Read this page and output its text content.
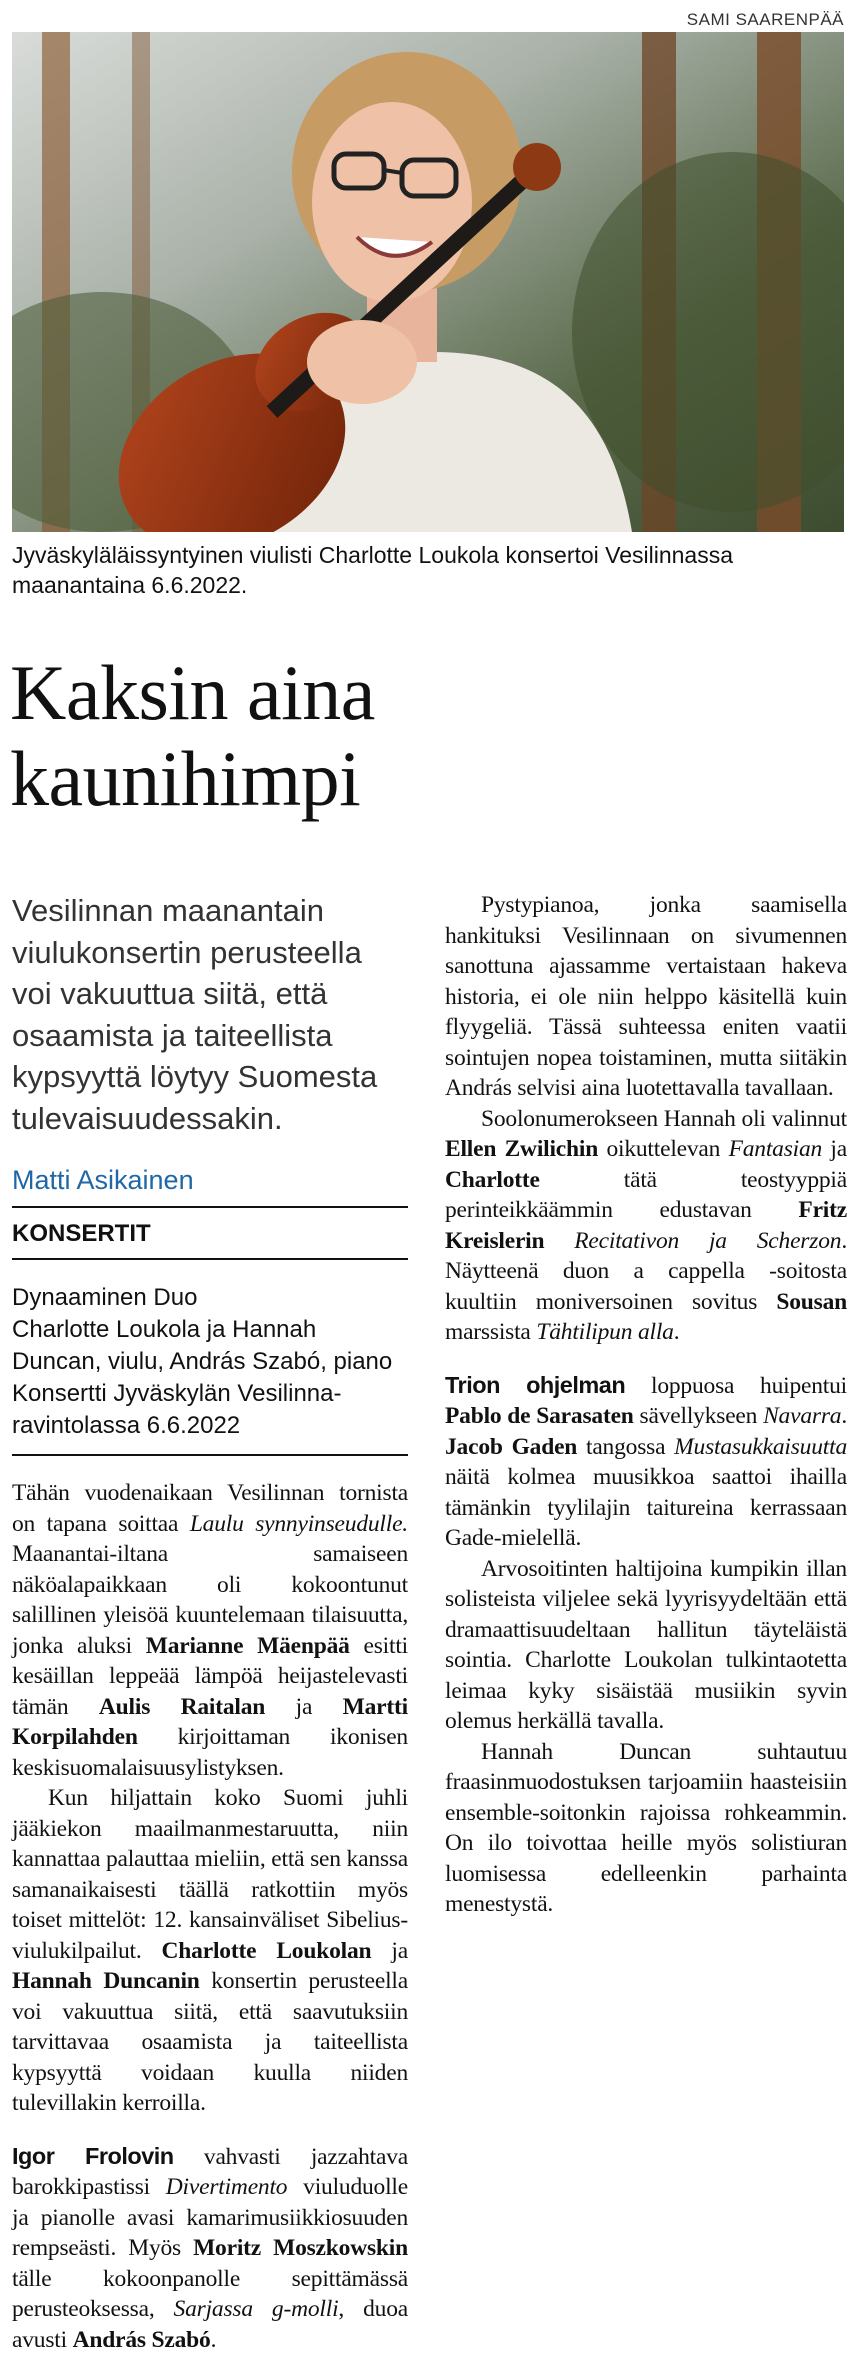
SAMI SAARENPÄÄ
Jyväskyläläissyntyinen viulisti Charlotte Loukola konsertoi Vesilinnassa maanantaina 6.6.2022.
Kaksin aina kaunihimpi
Vesilinnan maanantain viulukonsertin perusteella voi vakuuttua siitä, että osaamista ja taiteellista kypsyyttä löytyy Suomesta tulevaisuudessakin.
Matti Asikainen
KONSERTIT
Dynaaminen Duo
Charlotte Loukola ja Hannah Duncan, viulu, András Szabó, piano
Konsertti Jyväskylän Vesilinna-ravintolassa 6.6.2022

Tähän vuodenaikaan Vesilinnan tornista on tapana soittaa Laulu synnyinseudulle. Maanantai-iltana samaiseen näköalapaikkaan oli kokoontunut salillinen yleisöä kuuntelemaan tilaisuutta, jonka aluksi Marianne Mäenpää esitti kesäillan leppeää lämpöä heijastelevasti tämän Aulis Raitalan ja Martti Korpilahden kirjoittaman ikonisen keskisuomalaisuusylistyksen.

Kun hiljattain koko Suomi juhli jääkiekon maailmanmestaruutta, niin kannattaa palauttaa mieliin, että sen kanssa samanaikaisesti täällä ratkottiin myös toiset mittelöt: 12. kansainväliset Sibelius-viulukilpailut. Charlotte Loukolan ja Hannah Duncanin konsertin perusteella voi vakuuttua siitä, että saavutuksiin tarvittavaa osaamista ja taiteellista kypsyyttä voidaan kuulla niiden tulevillakin kerroilla.

Igor Frolovin vahvasti jazzahtava barokkipastissi Divertimento viuluduolle ja pianolle avasi kamarimusiikkiosuuden rempseästi. Myös Moritz Moszkowskin tälle kokoonpanolle sepittämässä perusteoksessa, Sarjassa g-molli, duoa avusti András Szabó.

Pystypianoa, jonka saamisella hankituksi Vesilinnaan on sivumennen sanottuna ajassamme vertaistaan hakeva historia, ei ole niin helppo käsitellä kuin flyygeliä. Tässä suhteessa eniten vaatii sointujen nopea toistaminen, mutta siitäkin András selvisi aina luotettavalla tavallaan.

Soolonumerokseen Hannah oli valinnut Ellen Zwilichin oikuttelevan Fantasian ja Charlotte tätä teostyyppiä perinteikkäämmin edustavan Fritz Kreislerin Recitativon ja Scherzon. Näytteenä duon a cappella -soitosta kuultiin moniversoinen sovitus Sousan marssista Tähtilipun alla.

Trion ohjelman loppuosa huipentui Pablo de Sarasaten sävellykseen Navarra. Jacob Gaden tangossa Mustasukkaisuutta näitä kolmea muusikkoa saattoi ihailla tämänkin tyylilajin taitureina kerrassaan Gade-mielellä.

Arvosoitinten haltijoina kumpikin illan solisteista viljelee sekä lyyrisyydeltään että dramaattisuudeltaan hallitun täyteläistä sointia. Charlotte Loukolan tulkintaotetta leimaa kyky sisäistää musiikin syvin olemus herkällä tavalla.

Hannah Duncan suhtautuu fraasinmuodostuksen tarjoamiin haasteisiin ensemble-soitonkin rajoissa rohkeammin. On ilo toivottaa heille myös solistiuran luomisessa edelleenkin parhainta menestystä.
